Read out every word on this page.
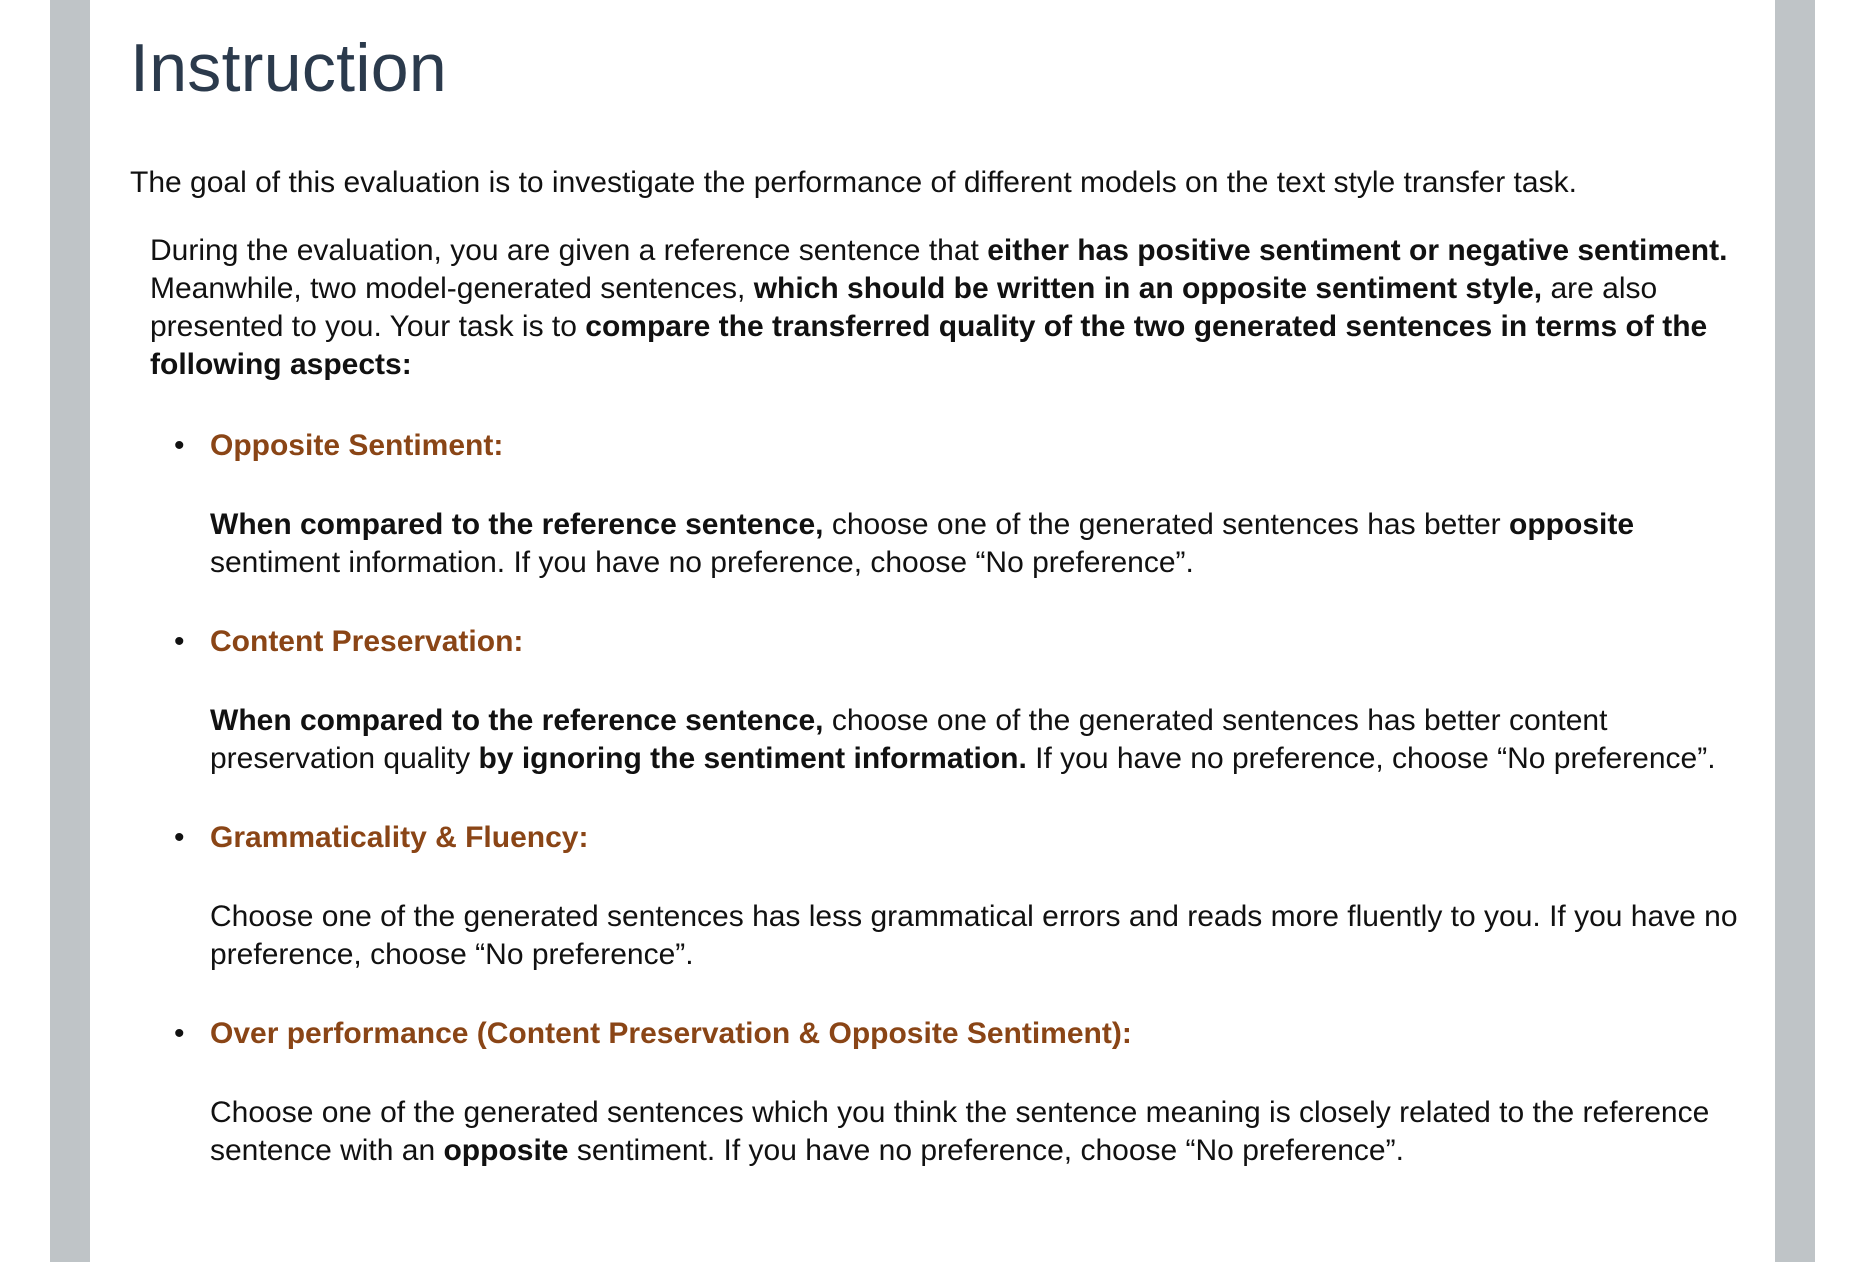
Instruction

The goal of this evaluation is to investigate the performance of different models on the text style transfer task.

During the evaluation, you are given a reference sentence that either has positive sentiment or negative sentiment. Meanwhile, two model-generated sentences, which should be written in an opposite sentiment style, are also presented to you. Your task is to compare the transferred quality of the two generated sentences in terms of the following aspects:

• Opposite Sentiment:
When compared to the reference sentence, choose one of the generated sentences has better opposite sentiment information. If you have no preference, choose “No preference”.
• Content Preservation:
When compared to the reference sentence, choose one of the generated sentences has better content preservation quality by ignoring the sentiment information. If you have no preference, choose “No preference”.
• Grammaticality & Fluency:
Choose one of the generated sentences has less grammatical errors and reads more fluently to you. If you have no preference, choose “No preference”.
• Over performance (Content Preservation & Opposite Sentiment):
Choose one of the generated sentences which you think the sentence meaning is closely related to the reference sentence with an opposite sentiment. If you have no preference, choose “No preference”.
